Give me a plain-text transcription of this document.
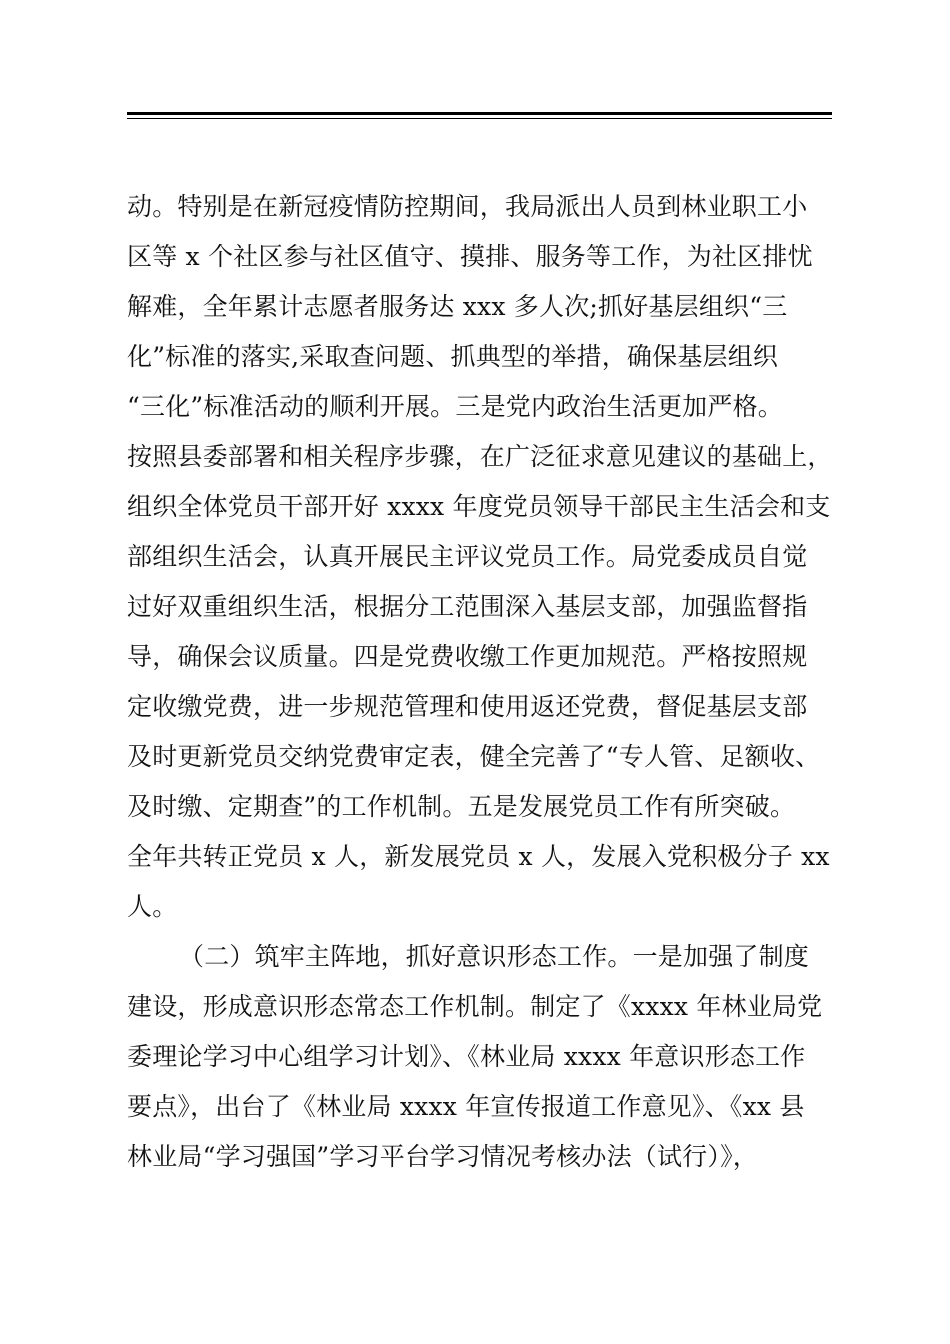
动。特别是在新冠疫情防控期间，我局派出人员到林业职工小
区等 x 个社区参与社区值守、摸排、服务等工作，为社区排忧
解难，全年累计志愿者服务达 xxx 多人次;抓好基层组织“三
化”标准的落实,采取查问题、抓典型的举措，确保基层组织
“三化”标准活动的顺利开展。三是党内政治生活更加严格。
按照县委部署和相关程序步骤，在广泛征求意见建议的基础上，
组织全体党员干部开好 xxxx 年度党员领导干部民主生活会和支
部组织生活会，认真开展民主评议党员工作。局党委成员自觉
过好双重组织生活，根据分工范围深入基层支部，加强监督指
导，确保会议质量。四是党费收缴工作更加规范。严格按照规
定收缴党费，进一步规范管理和使用返还党费，督促基层支部
及时更新党员交纳党费审定表，健全完善了“专人管、足额收、
及时缴、定期查”的工作机制。五是发展党员工作有所突破。
全年共转正党员 x 人，新发展党员 x 人，发展入党积极分子 xx
人。
（二）筑牢主阵地，抓好意识形态工作。一是加强了制度
建设，形成意识形态常态工作机制。制定了《xxxx 年林业局党
委理论学习中心组学习计划》、《林业局 xxxx 年意识形态工作
要点》，出台了《林业局 xxxx 年宣传报道工作意见》、《xx 县
林业局“学习强国”学习平台学习情况考核办法（试行）》，
